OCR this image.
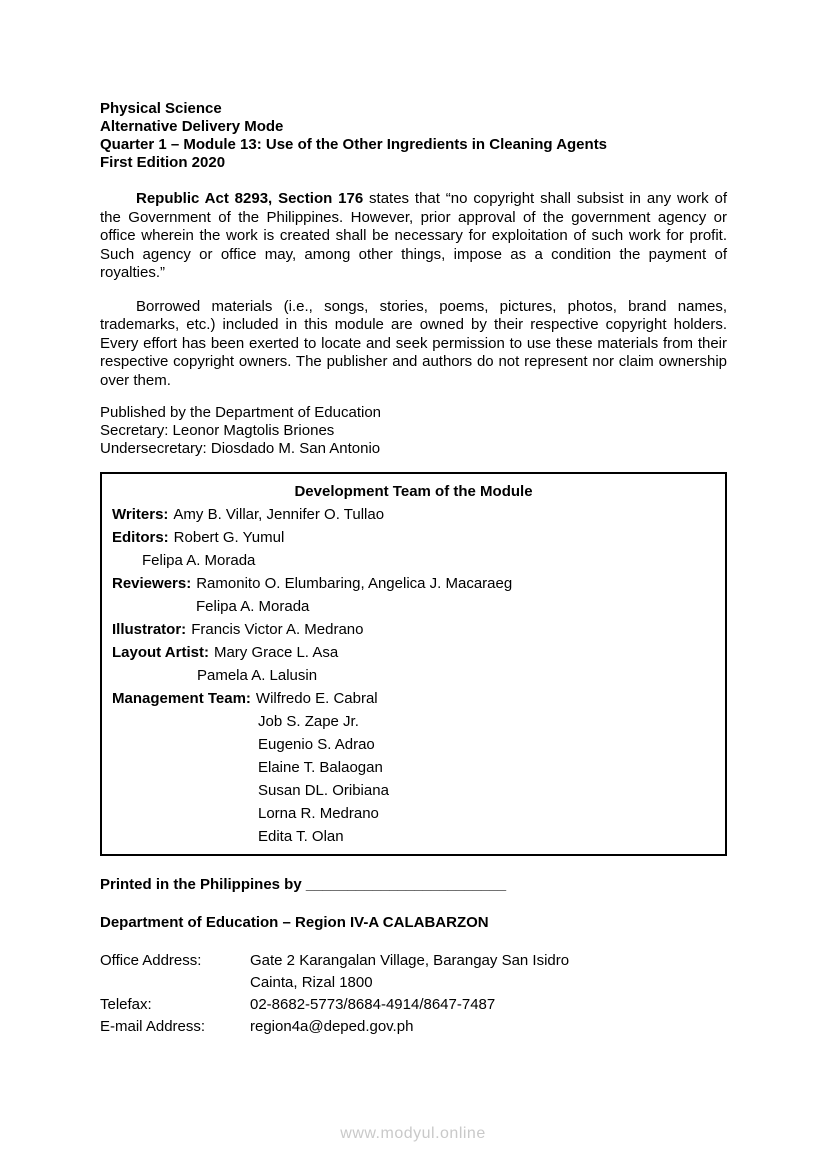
Physical Science
Alternative Delivery Mode
Quarter 1 – Module 13: Use of the Other Ingredients in Cleaning Agents
First Edition 2020

Republic Act 8293, Section 176 states that “no copyright shall subsist in any work of the Government of the Philippines. However, prior approval of the government agency or office wherein the work is created shall be necessary for exploitation of such work for profit. Such agency or office may, among other things, impose as a condition the payment of royalties.”

Borrowed materials (i.e., songs, stories, poems, pictures, photos, brand names, trademarks, etc.) included in this module are owned by their respective copyright holders. Every effort has been exerted to locate and seek permission to use these materials from their respective copyright owners. The publisher and authors do not represent nor claim ownership over them.

Published by the Department of Education
Secretary: Leonor Magtolis Briones
Undersecretary: Diosdado M. San Antonio
Development Team of the Module
Writers: Amy B. Villar, Jennifer O. Tullao
Editors: Robert G. Yumul
Felipa A. Morada
Reviewers: Ramonito O. Elumbaring, Angelica J. Macaraeg
Felipa A. Morada
Illustrator: Francis Victor A. Medrano
Layout Artist: Mary Grace L. Asa
Pamela A. Lalusin
Management Team: Wilfredo E. Cabral
Job S. Zape Jr.
Eugenio S. Adrao
Elaine T. Balaogan
Susan DL. Oribiana
Lorna R. Medrano
Edita T. Olan

Printed in the Philippines by ________________________

Department of Education – Region IV-A CALABARZON

Office Address:	Gate 2 Karangalan Village, Barangay San Isidro
Cainta, Rizal 1800
Telefax:	02-8682-5773/8684-4914/8647-7487
E-mail Address:	region4a@deped.gov.ph
www.modyul.online
